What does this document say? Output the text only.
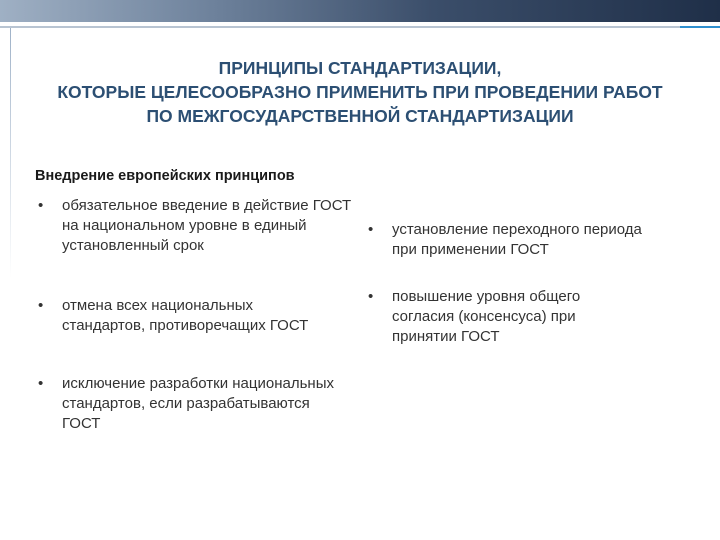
ПРИНЦИПЫ СТАНДАРТИЗАЦИИ,
КОТОРЫЕ ЦЕЛЕСООБРАЗНО ПРИМЕНИТЬ ПРИ ПРОВЕДЕНИИ РАБОТ
ПО МЕЖГОСУДАРСТВЕННОЙ СТАНДАРТИЗАЦИИ
Внедрение европейских принципов
•	обязательное введение в действие ГОСТ на национальном уровне в единый установленный срок
•	отмена всех национальных стандартов, противоречащих ГОСТ
•	исключение разработки национальных стандартов, если разрабатываются ГОСТ
•	установление переходного периода при применении ГОСТ
•	повышение уровня общего согласия (консенсуса) при принятии ГОСТ
